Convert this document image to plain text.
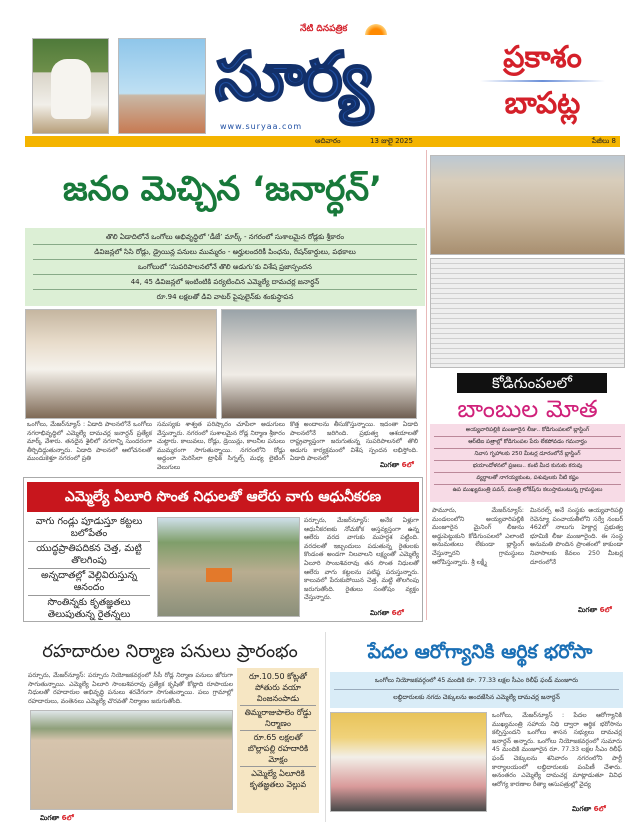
నేటి దినపత్రిక
సూర్య
www.suryaa.com
ప్రకాశం
బాపట్ల
ఆదివారం	13 జులై 2025	పేజీలు 8
జనం మెచ్చిన ‘జనార్ధన్’
తొలి ఏడాదిలోనే ఒంగోలు అభివృద్ధిలో ‘డీజే’ మార్క్ - నగరంలో సుశాలమైన రోడ్లకు శ్రీకారం
డివిజన్లలో సిసి రోడ్లు, డ్రైయిన్ల పనులు ముమ్మరం - అర్హులందరికీ పింఛను, రేషన్‌కార్డులు, పథకాలు
ఒంగోలులో ‘సుపరిపాలనలోనే తొలి అడుగు’కు విశేష ప్రజాస్పందన
44, 45 డివిజన్లలో ఇంటింటికి పర్యటించిన ఎమ్మెల్యే దామచర్ల జనార్ధన్
రూ.94 లక్షలతో డివి వాటర్ పైపులైన్‌కు శంకుస్థాపన
ఒంగోలు, మేజర్‌న్యూస్ : ఏడాది పాలనలోనే ఒంగోలు నగరాభివృద్ధిలో ఎమ్మెల్యే దామచర్ల జనార్ధన్ ప్రత్యేక మార్క్ వేశారు. తనదైన శైలిలో నగరాన్ని సుందరంగా తీర్చిదిద్దుతున్నారు. ఏడాది పాలనలో ఆలోచనలతో ముందుకెళ్తూ నగరంలో ప్రతి
సమస్యకు శాశ్వత పరిష్కారం చూపేలా అడుగులు వేస్తున్నారు. నగరంలో సుశాలమైన రోడ్ల నిర్మాణ శ్రీకారం చుట్టారు. కాలువలు, రోడ్లు, డ్రెయిన్లు, కాలనీల పనులు ముమ్మరంగా సాగుతున్నాయి. నగరంలోని రోడ్లు అద్దంలా మెరిసేలా ట్రాఫిక్ సిగ్నల్స్ మధ్య లైటింగ్ వెలుగులు
కొత్త అందాలను తీసుకొస్తున్నాయి. ఇదంతా ఏడాది పాలనలోనే జరిగింది. ప్రభుత్వ ఆశయాలతో రాష్ట్రవ్యాప్తంగా జరుగుతున్న సుపరిపాలనలో తొలి అడుగు కార్యక్రమంలో విశేష స్పందన లభిస్తోంది. ఏడాది పాలనలో
మిగతా 6లో
కోడిగుంపలలో
బాంబుల మోత
అయ్యవారిపల్లికి మంజూరైన లీజు.. కోడిగుంపలలో బ్లాస్టింగ్
ఆర్‌టిఐ పత్రాల్లో కోడిగుంపల పేరు లేకపోవడం గమనార్హం
నివాస గృహాలకు 250 మీటర్ల దూరంలోనే బ్లాస్టింగ్
భయాందోళనలో ప్రజలు.. కంటి మీద కునుకు కరువు
వ్యర్థాలతో నాగయ్యకుంట, పశువులకు నీటి కష్టం
ఉప ముఖ్యమంత్రి పవన్, మంత్రి లోకేష్‌ను కలుస్తామంటున్న గ్రామస్థులు
పామూరు, మేజర్‌న్యూస్: మండలంలోని అయ్యవారిపల్లికి మంజూరైన మైనింగ్ లీజును అడ్డుపెట్టుకుని కోడిగుంపలలో ఎలాంటి అనుమతులు లేకుండా బ్లాస్టింగ్ చేస్తున్నారని గ్రామస్థులు ఆరోపిస్తున్నారు. శ్రీ లక్ష్మీ
మినరల్స్ అనే సంస్థకు అయ్యవారిపల్లి రెవెన్యూ పంచాయతీలోని సర్వే నంబర్ 462లో నాలుగు హెక్టార్ల ప్రభుత్వ భూమికి లీజు మంజూరైంది. ఈ సంస్థ అనుమతి పొందిన ప్రాంతంలో కాకుండా నివాసాలకు కేవలం 250 మీటర్ల దూరంలోనే
మిగతా 6లో
ఎమ్మెల్యే ఏలూరి సొంత నిధులతో ఆలేరు వాగు ఆధునీకరణ
వాగు గండ్లు పూడుస్తూ కట్టలు బలోపేతం
యుద్ధప్రాతిపదికన చెత్త, మట్టి తొలగింపు
అన్నదాతల్లో వెల్లివిరుస్తున్న ఆనందం
సొంతిన్నకు కృతజ్ఞతలు తెలుపుతున్న రైతన్నలు
పర్చూరు, మేజర్‌న్యూస్: అనేక ఏళ్లుగా ఆధునీకరణకు నోచుకోక అస్తవ్యస్తంగా ఉన్న ఆలేరు వరద వాగుకు మహర్దశ పట్టింది. వరదలతో ఇబ్బందులు పడుతున్న రైతులకు కొండంత అండగా నిలవాలని లక్ష్యంతో ఎమ్మెల్యే ఏలూరి సాంబశివరావు తన సొంత నిధులతో ఆలేరు వాగు కట్టలను పటిష్ఠ పరుస్తున్నారు. కాలువలో పేరుకుపోయిన చెత్త, మట్టి తొలగింపు జరుగుతోంది. రైతులు సంతోషం వ్యక్తం చేస్తున్నారు.
మిగతా 6లో
రహదారుల నిర్మాణ పనులు ప్రారంభం
పర్చూరు, మేజర్‌న్యూస్: పర్చూరు నియోజకవర్గంలో సీసీ రోడ్ల నిర్మాణ పనులు జోరుగా సాగుతున్నాయి. ఎమ్మెల్యే ఏలూరి సాంబశివరావు ప్రత్యేక కృషితో కోట్లాది రూపాయల నిధులతో రహదారుల అభివృద్ధి పనులు శరవేగంగా సాగుతున్నాయి. పలు గ్రామాల్లో రహదారులు, వంతెనలు ఎమ్మెల్యే చొరవతో నిర్మాణం జరుగుతోంది.
రూ.10.50 కోట్లతో పోతురు వయా వింజనంపాడు
తిమ్మరాజుపాలెం రోడ్డు నిర్మాణం
రూ.65 లక్షలతో బొల్లాపల్లి రహదారికి మోక్షం
ఎమ్మెల్యే ఏలూరికి కృతజ్ఞతలు వెల్లువ
మిగతా 6లో
పేదల ఆరోగ్యానికి ఆర్థిక భరోసా
ఒంగోలు నియోజకవర్గంలో 45 మందికి రూ. 77.33 లక్షల సీఎం రిలీఫ్ ఫండ్ మంజూరు
లబ్ధిదారులకు నగదు చెక్కులను అందజేసిన ఎమ్మెల్యే దామచర్ల జనార్ధన్
ఒంగోలు, మేజర్‌న్యూస్ : పేదల ఆరోగ్యానికి ముఖ్యమంత్రి సహాయ నిధి ద్వారా ఆర్థిక భరోసాను కల్పిస్తుందని ఒంగోలు శాసన సభ్యులు దామచర్ల జనార్ధన్ అన్నారు. ఒంగోలు నియోజకవర్గంలో సుమారు 45 మందికి మంజూరైన రూ. 77.33 లక్షల సీఎం రిలీఫ్ ఫండ్ చెక్కులను శనివారం నగరంలోని పార్టీ కార్యాలయంలో లబ్ధిదారులకు పంపిణీ చేశారు. అనంతరం ఎమ్మెల్యే దామచర్ల మాట్లాడుతూ వివిధ ఆరోగ్య కారణాల రీత్యా ఆసుపత్రుల్లో వైద్య
మిగతా 6లో
